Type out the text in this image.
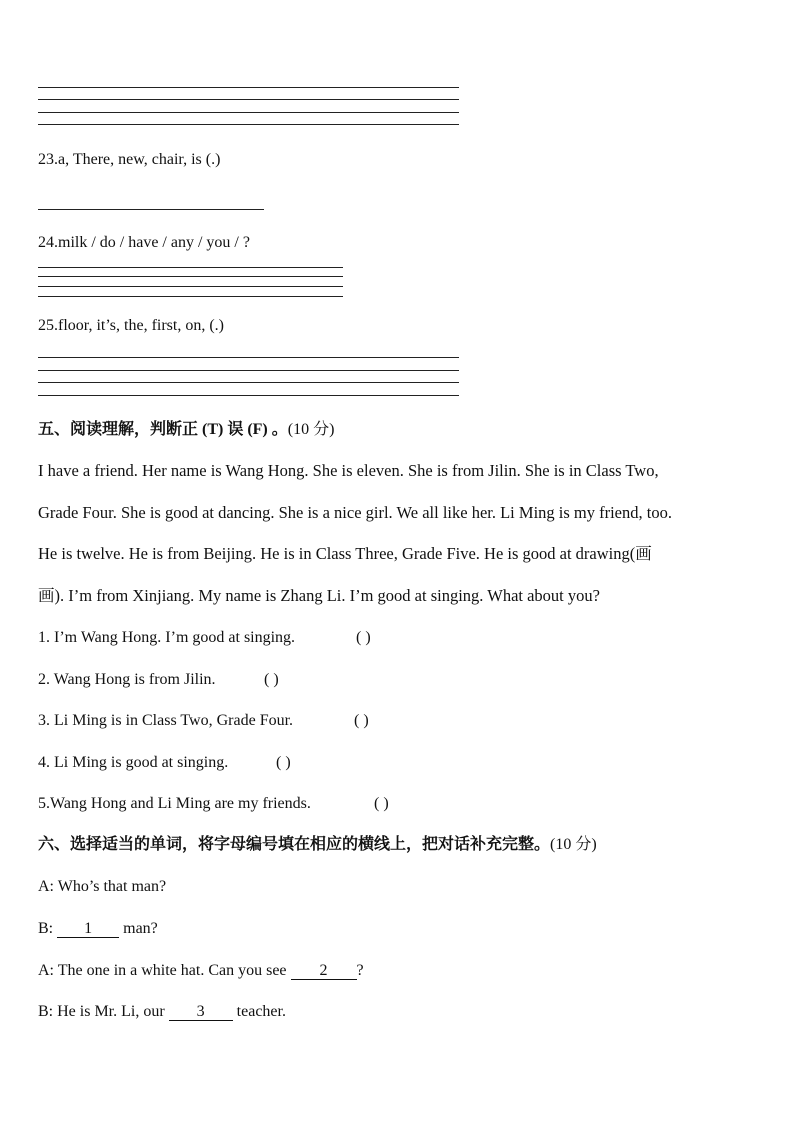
23.a, There, new, chair, is (.)
24.milk / do / have / any / you / ?
25.floor, it’s, the, first, on, (.)
五、阅读理解，判断正 (T) 误 (F) 。(10 分)
I have a friend. Her name is Wang Hong. She is eleven. She is from Jilin. She is in Class Two,
Grade Four. She is good at dancing. She is a nice girl. We all like her. Li Ming is my friend, too.
He is twelve. He is from Beijing. He is in Class Three, Grade Five. He is good at drawing(画
画). I’m from Xinjiang. My name is Zhang Li. I’m good at singing. What about you?
1. I’m Wang Hong. I’m good at singing.	( )
2. Wang Hong is from Jilin.	( )
3. Li Ming is in Class Two, Grade Four.	( )
4. Li Ming is good at singing.	( )
5.Wang Hong and Li Ming are my friends.	( )
六、选择适当的单词，将字母编号填在相应的横线上，把对话补充完整。(10 分)
A: Who’s that man?
B: 1 man?
A: The one in a white hat. Can you see 2 ?
B: He is Mr. Li, our 3 teacher.
